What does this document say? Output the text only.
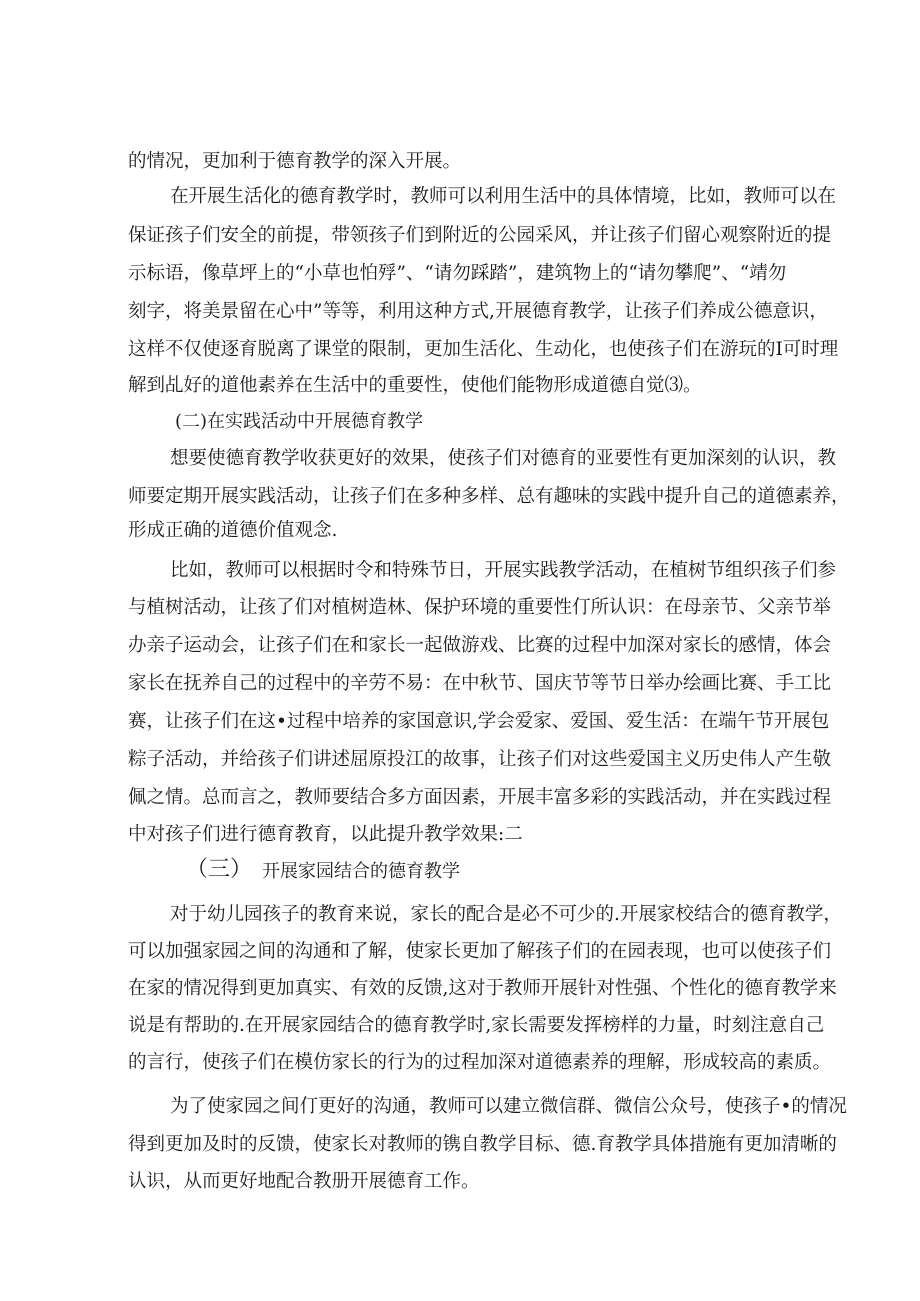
的情况，更加利于德育教学的深入开展。
在开展生活化的德育教学时，教师可以利用生活中的具体情境，比如，教师可以在
保证孩子们安全的前提，带领孩子们到附近的公园采风，并让孩子们留心观察附近的提
示标语，像草坪上的“小草也怕殍”、“请勿踩踏”，建筑物上的“请勿攀爬”、“靖勿
刻字，将美景留在心中”等等，利用这种方式,开展德育教学，让孩子们养成公德意识，
这样不仅使逐育脱离了课堂的限制，更加生活化、生动化，也使孩子们在游玩的I可时理
解到乩好的道他素养在生活中的重要性，使他们能物形成道德自觉⑶。
(二)在实践活动中开展德育教学
想要使德育教学收获更好的效果，使孩子们对德育的亚要性有更加深刻的认识，教
师要定期开展实践活动，让孩子们在多种多样、总有趣味的实践中提升自己的道德素养，
形成正确的道德价值观念.
比如，教师可以根据时令和特殊节日，开展实践教学活动，在植树节组织孩子们参
与植树活动，让孩了们对植树造林、保护环境的重要性仃所认识：在母亲节、父亲节举
办亲子运动会，让孩子们在和家长一起做游戏、比赛的过程中加深对家长的感情，体会
家长在抚养自己的过程中的辛劳不易：在中秋节、国庆节等节日举办绘画比赛、手工比
赛，让孩子们在这•过程中培养的家国意识,学会爱家、爱国、爱生活：在端午节开展包
粽子活动，并给孩子们讲述屈原投江的故事，让孩子们对这些爱国主义历史伟人产生敬
佩之情。总而言之，教师要结合多方面因素，开展丰富多彩的实践活动，并在实践过程
中对孩子们进行德育教育，以此提升教学效果:二
（三） 开展家园结合的德育教学
对于幼儿园孩子的教育来说，家长的配合是必不可少的.开展家校结合的德育教学，
可以加强家园之间的沟通和了解，使家长更加了解孩子们的在园表现，也可以使孩子们
在家的情况得到更加真实、有效的反馈,这对于教师开展针对性强、个性化的德育教学来
说是有帮助的.在开展家园结合的德育教学时,家长需要发挥榜样的力量，时刻注意自己
的言行，使孩子们在模仿家长的行为的过程加深对道德素养的理解，形成较高的素质。
为了使家园之间仃更好的沟通，教师可以建立微信群、微信公众号，使孩子•的情况
得到更加及时的反馈，使家长对教师的镌自教学目标、德.育教学具体措施有更加清晰的
认识，从而更好地配合教册开展德育工作。
